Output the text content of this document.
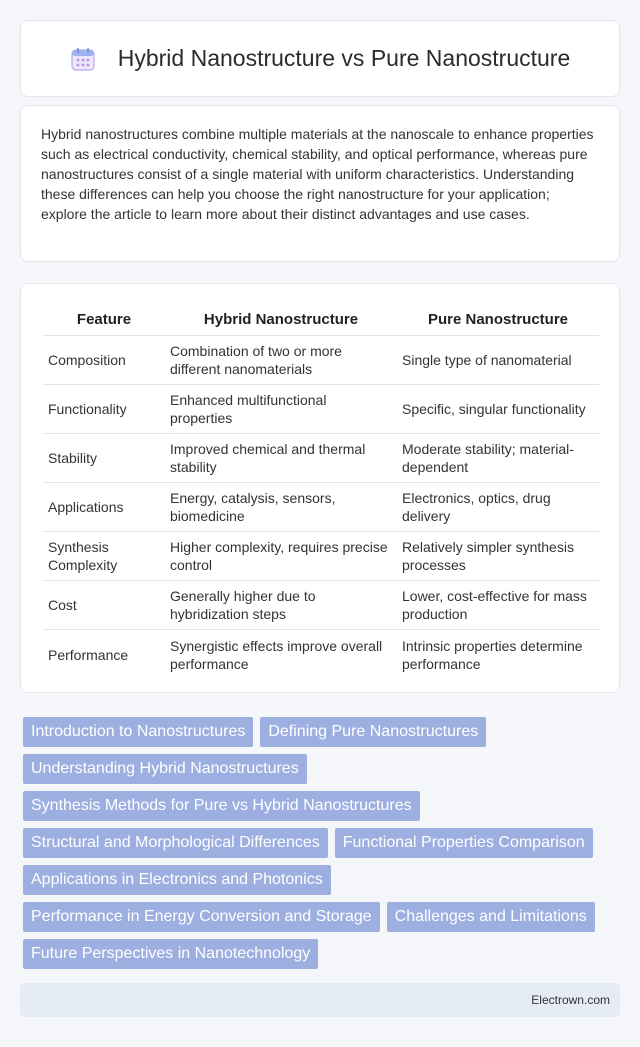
Hybrid Nanostructure vs Pure Nanostructure

Hybrid nanostructures combine multiple materials at the nanoscale to enhance properties such as electrical conductivity, chemical stability, and optical performance, whereas pure nanostructures consist of a single material with uniform characteristics. Understanding these differences can help you choose the right nanostructure for your application; explore the article to learn more about their distinct advantages and use cases.

Feature	Hybrid Nanostructure	Pure Nanostructure
Composition	Combination of two or more different nanomaterials	Single type of nanomaterial
Functionality	Enhanced multifunctional properties	Specific, singular functionality
Stability	Improved chemical and thermal stability	Moderate stability; material-dependent
Applications	Energy, catalysis, sensors, biomedicine	Electronics, optics, drug delivery
Synthesis Complexity	Higher complexity, requires precise control	Relatively simpler synthesis processes
Cost	Generally higher due to hybridization steps	Lower, cost-effective for mass production
Performance	Synergistic effects improve overall performance	Intrinsic properties determine performance
Introduction to Nanostructures	Defining Pure Nanostructures
Understanding Hybrid Nanostructures
Synthesis Methods for Pure vs Hybrid Nanostructures
Structural and Morphological Differences	Functional Properties Comparison
Applications in Electronics and Photonics
Performance in Energy Conversion and Storage	Challenges and Limitations
Future Perspectives in Nanotechnology
Electrown.com
